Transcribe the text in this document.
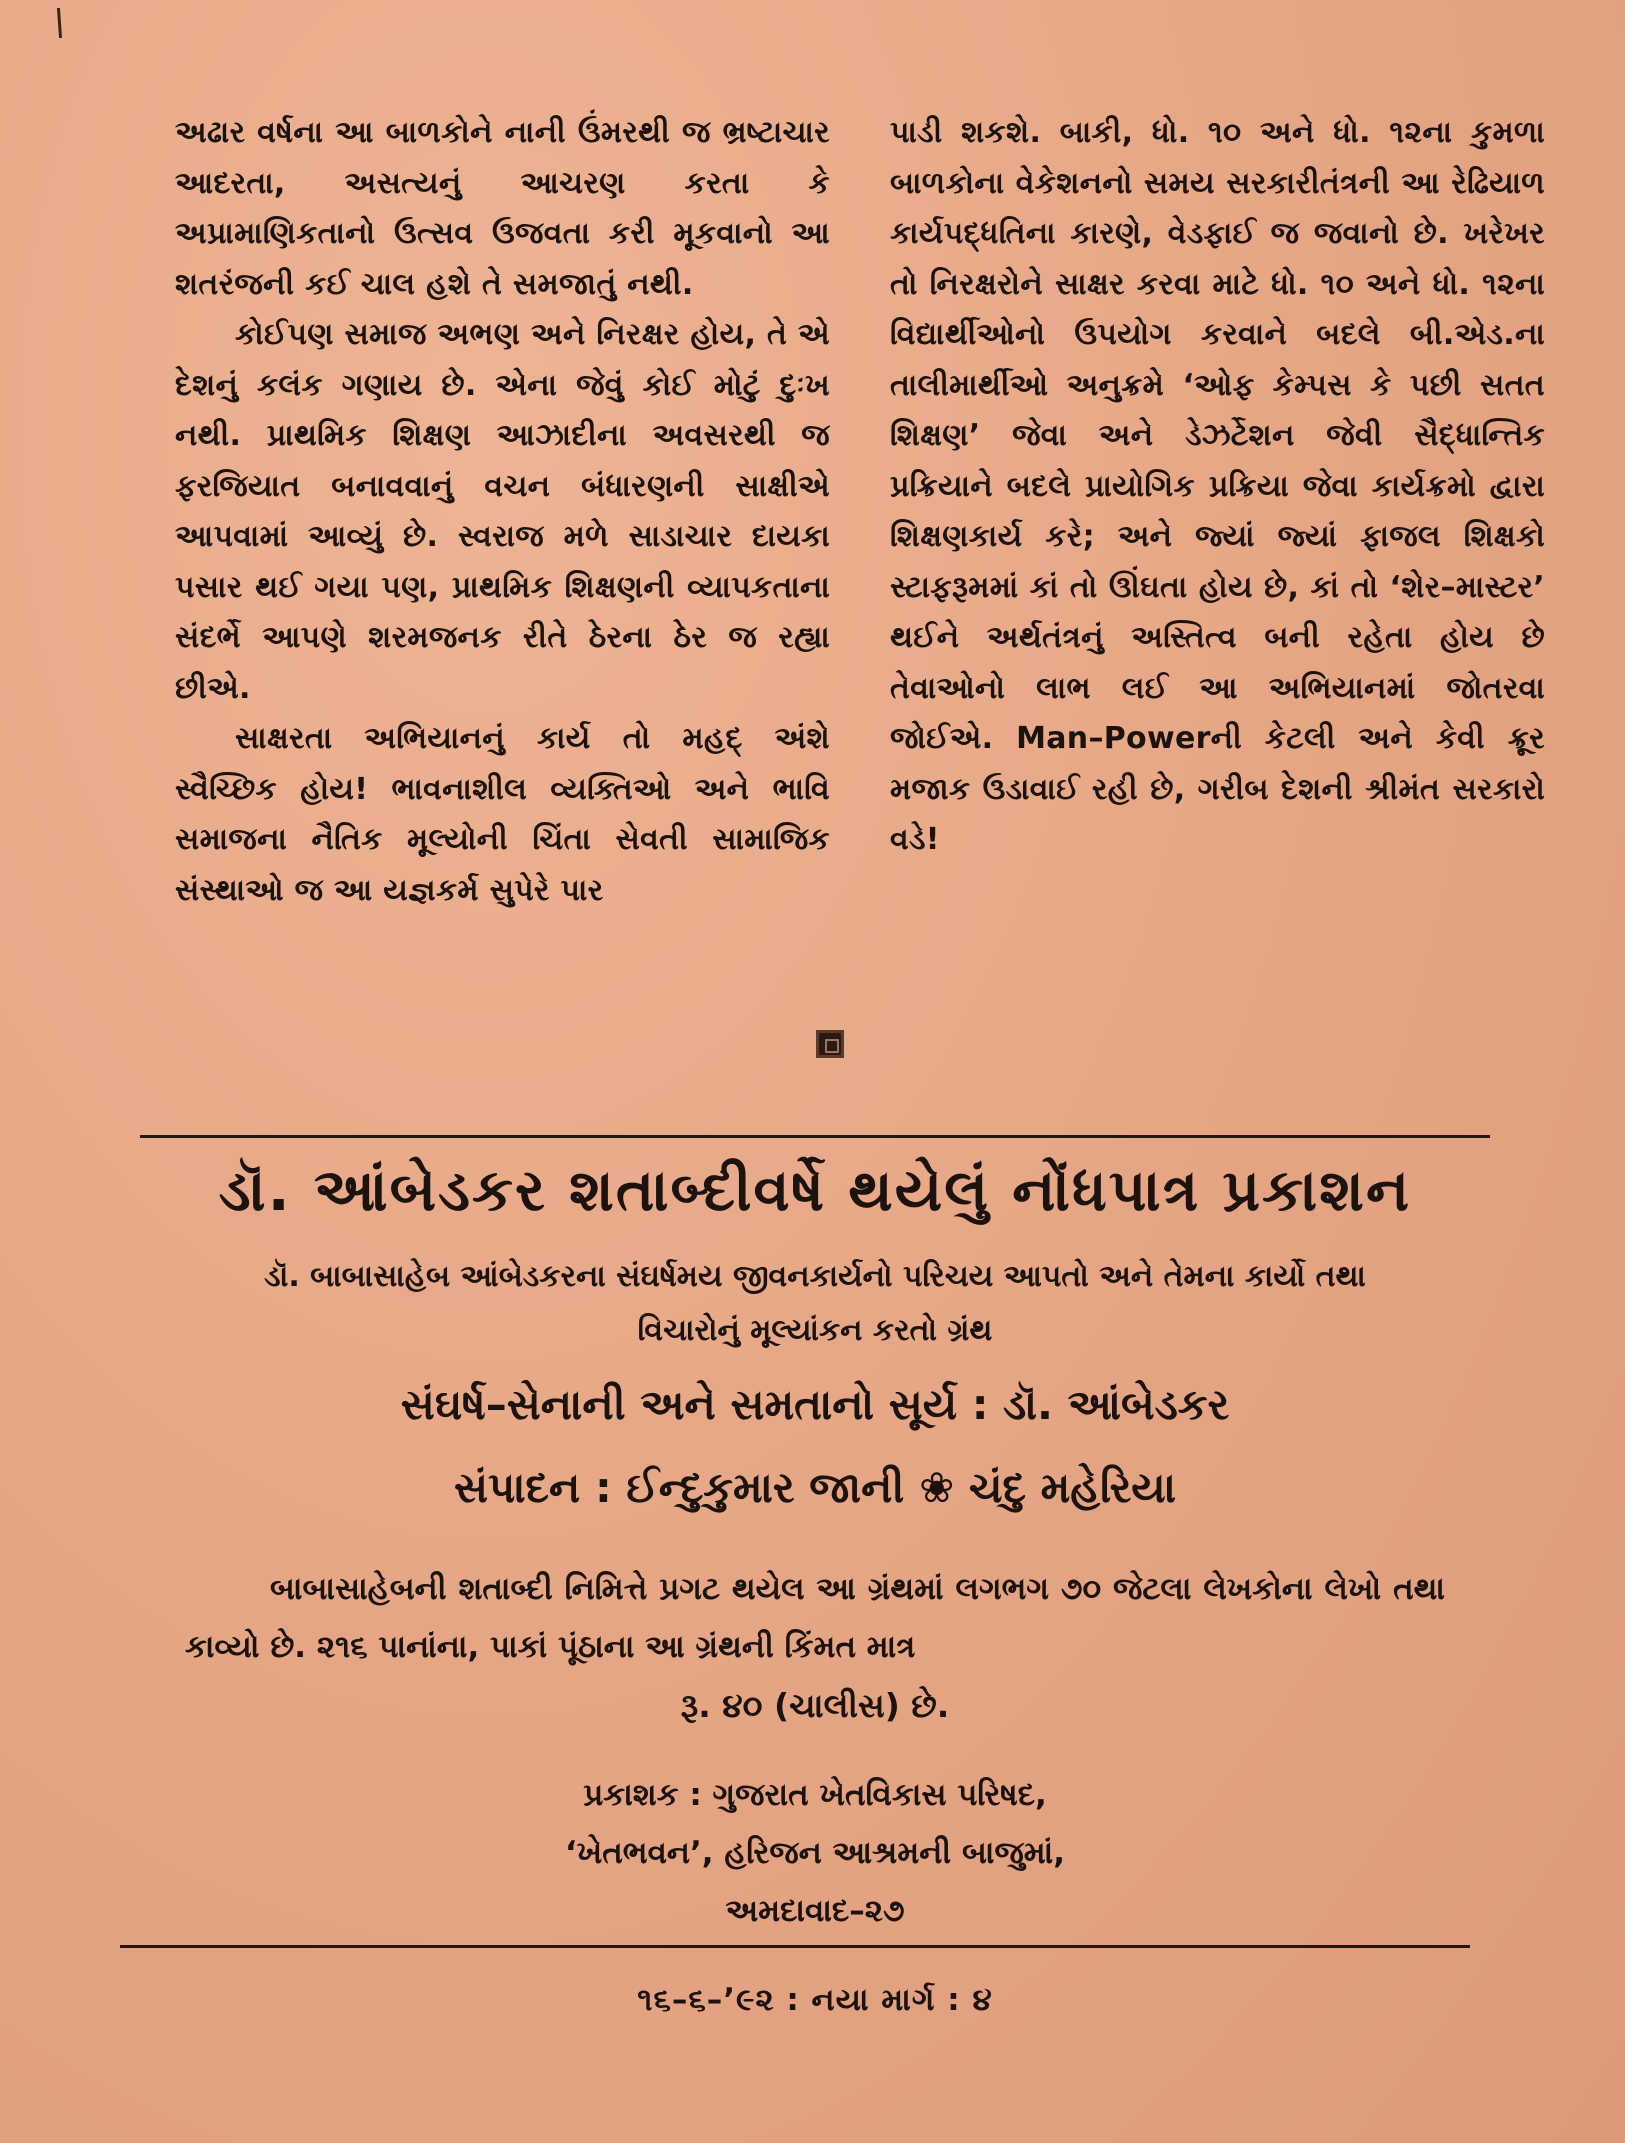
અઢાર વર્ષના આ બાળકોને નાની ઉંમરથી જ ભ્રષ્ટાચાર આદરતા, અસત્યનું આચરણ કરતા કે અપ્રામાણિકતાનો ઉત્સવ ઉજવતા કરી મૂકવાનો આ શતરંજની કઈ ચાલ હશે તે સમજાતું નથી.

કોઈપણ સમાજ અભણ અને નિરક્ષર હોય, તે એ દેશનું કલંક ગણાય છે. એના જેવું કોઈ મોટું દુઃખ નથી. પ્રાથમિક શિક્ષણ આઝાદીના અવસરથી જ ફરજિયાત બનાવવાનું વચન બંધારણની સાક્ષીએ આપવામાં આવ્યું છે. સ્વરાજ મળે સાડાચાર દાયકા પસાર થઈ ગયા પણ, પ્રાથમિક શિક્ષણની વ્યાપકતાના સંદર્ભે આપણે શરમજનક રીતે ઠેરના ઠેર જ રહ્યા છીએ.

સાક્ષરતા અભિયાનનું કાર્ય તો મહદ્ અંશે સ્વૈચ્છિક હોય! ભાવનાશીલ વ્યક્તિઓ અને ભાવિ સમાજના નૈતિક મૂલ્યોની ચિંતા સેવતી સામાજિક સંસ્થાઓ જ આ યજ્ઞકર્મ સુપેરે પાર

પાડી શકશે. બાકી, ધો. ૧૦ અને ધો. ૧૨ના કુમળા બાળકોના વેકેશનનો સમય સરકારીતંત્રની આ રેઢિયાળ કાર્યપદ્ધતિના કારણે, વેડફાઈ જ જવાનો છે. ખરેખર તો નિરક્ષરોને સાક્ષર કરવા માટે ધો. ૧૦ અને ધો. ૧૨ના વિદ્યાર્થીઓનો ઉપયોગ કરવાને બદલે બી.એડ.ના તાલીમાર્થીઓ અનુક્રમે ‘ઓફ કેમ્પસ કે પછી સતત શિક્ષણ’ જેવા અને ડેઝર્ટેશન જેવી સૈદ્ધાન્તિક પ્રક્રિયાને બદલે પ્રાયોગિક પ્રક્રિયા જેવા કાર્યક્રમો દ્વારા શિક્ષણકાર્ય કરે; અને જ્યાં જ્યાં ફાજલ શિક્ષકો સ્ટાફરૂમમાં કાં તો ઊંઘતા હોય છે, કાં તો ‘શેર–માસ્ટર’ થઈને અર્થતંત્રનું અસ્તિત્વ બની રહેતા હોય છે તેવાઓનો લાભ લઈ આ અભિયાનમાં જોતરવા જોઈએ. Man–Powerની કેટલી અને કેવી ક્રૂર મજાક ઉડાવાઈ રહી છે, ગરીબ દેશની શ્રીમંત સરકારો વડે!

ડૉ. આંબેડકર શતાબ્દીવર્ષે થયેલું નોંધપાત્ર પ્રકાશન
ડૉ. બાબાસાહેબ આંબેડકરના સંઘર્ષમય જીવનકાર્યનો પરિચય આપતો અને તેમના કાર્યો તથા વિચારોનું મૂલ્યાંકન કરતો ગ્રંથ
સંઘર્ષ–સેનાની અને સમતાનો સૂર્ય : ડૉ. આંબેડકર
સંપાદન : ઈન્દુકુમાર જાની ❀ ચંદુ મહેરિયા
બાબાસાહેબની શતાબ્દી નિમિત્તે પ્રગટ થયેલ આ ગ્રંથમાં લગભગ ૭૦ જેટલા લેખકોના લેખો તથા કાવ્યો છે. ૨૧૬ પાનાંના, પાકાં પૂંઠાના આ ગ્રંથની કિંમત માત્ર
રૂ. ૪૦ (ચાલીસ) છે.
પ્રકાશક : ગુજરાત ખેતવિકાસ પરિષદ,
‘ખેતભવન’, હરિજન આશ્રમની બાજુમાં,
અમદાવાદ–૨૭
૧૬–૬–’૯૨ : નયા માર્ગ : ૪
